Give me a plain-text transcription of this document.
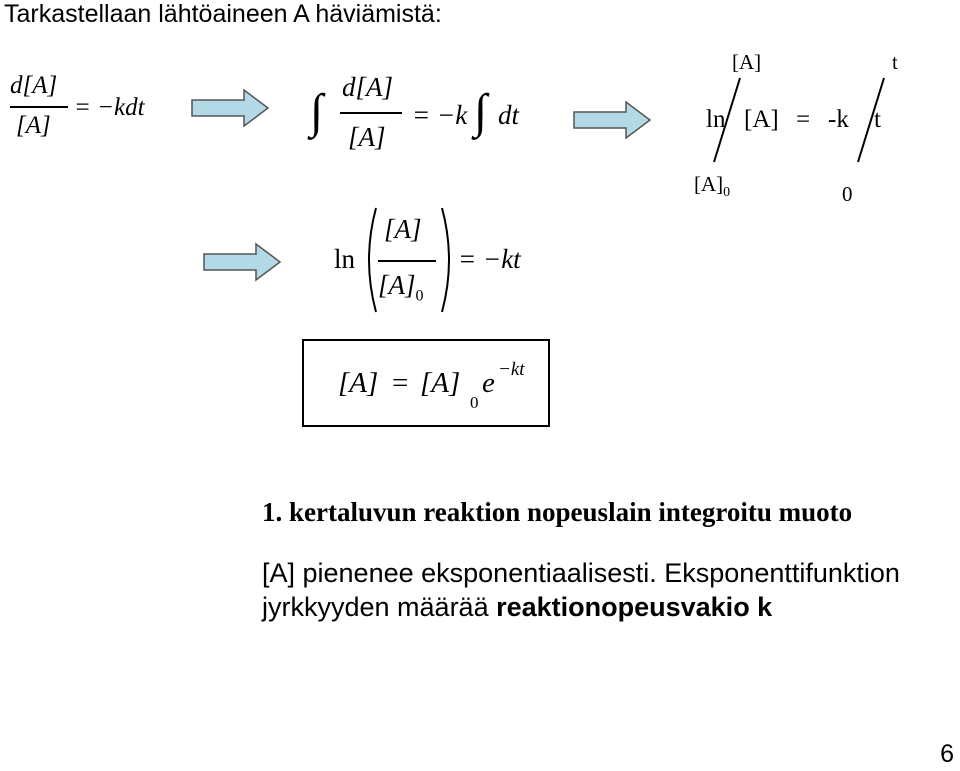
Tarkastellaan lähtöaineen A häviämistä:
d[A]
[A]
= −kdt	∫ d[A]
[A]
= −k ∫ dt
[A]
ln [A] = -k t
t
$[A]_0$	0
ln
[A]
$[A]_0$
= −kt
[A] = [A]
0
e −kt
1. kertaluvun reaktion nopeuslain integroitu muoto
[A] pienenee eksponentiaalisesti. Eksponenttifunktion
jyrkkyyden määrää reaktionopeusvakio k
6
